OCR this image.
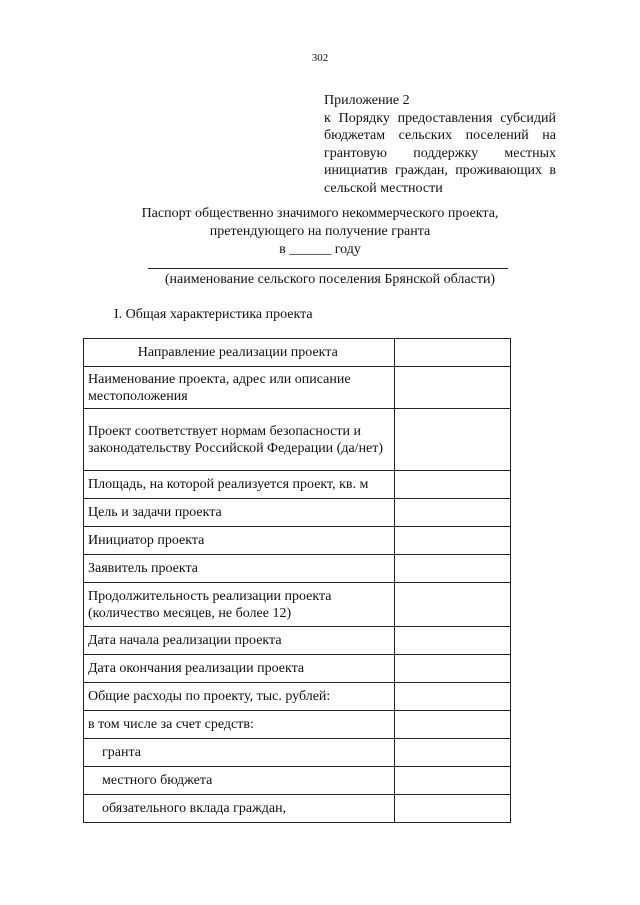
302
Приложение 2
к Порядку предоставления субсидий бюджетам сельских поселений на грантовую поддержку местных инициатив граждан, проживающих в сельской местности
Паспорт общественно значимого некоммерческого проекта,
претендующего на получение гранта
в ______ году
(наименование сельского поселения Брянской области)
I. Общая характеристика проекта
Направление реализации проекта	
Наименование проекта, адрес или описание местоположения	
Проект соответствует нормам безопасности и законодательству Российской Федерации (да/нет)	
Площадь, на которой реализуется проект, кв. м	
Цель и задачи проекта	
Инициатор проекта	
Заявитель проекта	
Продолжительность реализации проекта (количество месяцев, не более 12)	
Дата начала реализации проекта	
Дата окончания реализации проекта	
Общие расходы по проекту, тыс. рублей:	
в том числе за счет средств:	
гранта	
местного бюджета	
обязательного вклада граждан,	
